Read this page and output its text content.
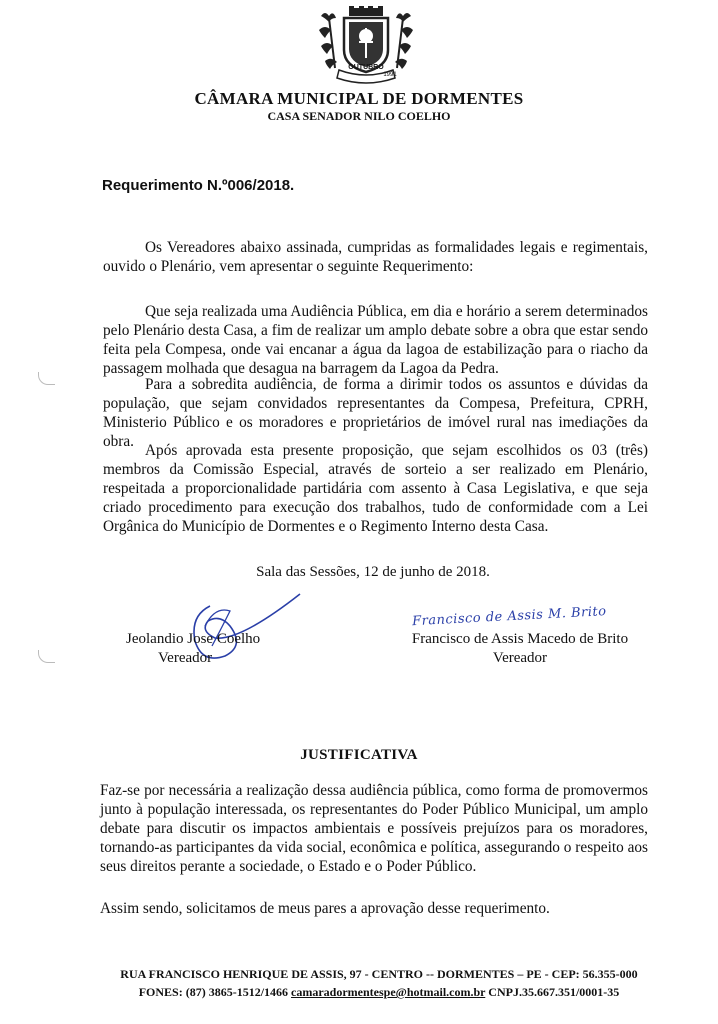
OUTUBRO
1991
CÂMARA MUNICIPAL DE DORMENTES
CASA SENADOR NILO COELHO
Requerimento N.º006/2018.
Os Vereadores abaixo assinada, cumpridas as formalidades legais e regimentais, ouvido o Plenário, vem apresentar o seguinte Requerimento:
Que seja realizada uma Audiência Pública, em dia e horário a serem determinados pelo Plenário desta Casa, a fim de realizar um amplo debate sobre a obra que estar sendo feita pela Compesa, onde vai encanar a água da lagoa de estabilização para o riacho da passagem molhada que desagua na barragem da Lagoa da Pedra.
Para a sobredita audiência, de forma a dirimir todos os assuntos e dúvidas da população, que sejam convidados representantes da Compesa, Prefeitura, CPRH, Ministerio Público e os moradores e proprietários de imóvel rural nas imediações da obra.
Após aprovada esta presente proposição, que sejam escolhidos os 03 (três) membros da Comissão Especial, através de sorteio a ser realizado em Plenário, respeitada a proporcionalidade partidária com assento à Casa Legislativa, e que seja criado procedimento para execução dos trabalhos, tudo de conformidade com a Lei Orgânica do Município de Dormentes e o Regimento Interno desta Casa.
Sala das Sessões, 12 de junho de 2018.
Jeolandio Jose Coelho
Vereador
Francisco de Assis M. Brito
Francisco de Assis Macedo de Brito
Vereador
JUSTIFICATIVA
Faz-se por necessária a realização dessa audiência pública, como forma de promovermos junto à população interessada, os representantes do Poder Público Municipal, um amplo debate para discutir os impactos ambientais e possíveis prejuízos para os moradores, tornando-as participantes da vida social, econômica e política, assegurando o respeito aos seus direitos perante a sociedade, o Estado e o Poder Público.
Assim sendo, solicitamos de meus pares a aprovação desse requerimento.
RUA FRANCISCO HENRIQUE DE ASSIS, 97 - CENTRO -- DORMENTES – PE - CEP: 56.355-000
FONES: (87) 3865-1512/1466 camaradormentespe@hotmail.com.br CNPJ.35.667.351/0001-35
